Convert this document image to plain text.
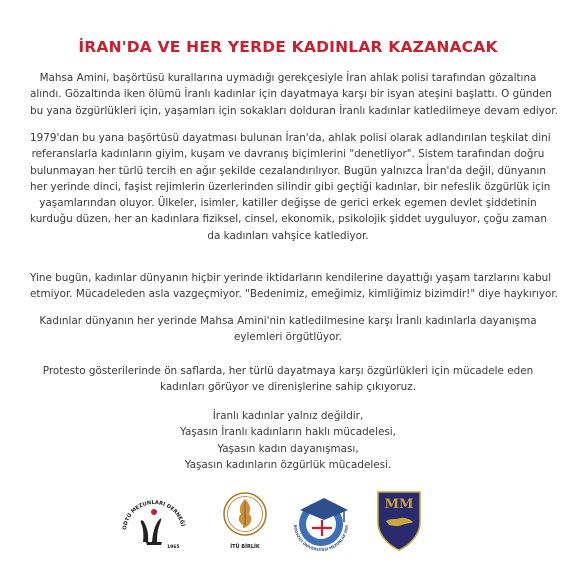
İRAN'DA VE HER YERDE KADINLAR KAZANACAK
Mahsa Amini, başörtüsü kurallarına uymadığı gerekçesiyle İran ahlak polisi tarafından gözaltına
alındı. Gözaltında iken ölümü İranlı kadınlar için dayatmaya karşı bir isyan ateşini başlattı. O günden
bu yana özgürlükleri için, yaşamları için sokakları dolduran İranlı kadınlar katledilmeye devam ediyor.
1979'dan bu yana başörtüsü dayatması bulunan İran'da, ahlak polisi olarak adlandırılan teşkilat dini
referanslarla kadınların giyim, kuşam ve davranış biçimlerini "denetliyor". Sistem tarafından doğru
bulunmayan her türlü tercih en ağır şekilde cezalandırılıyor. Bugün yalnızca İran'da değil, dünyanın
her yerinde dinci, faşist rejimlerin üzerlerinden silindir gibi geçtiği kadınlar, bir nefeslik özgürlük için
yaşamlarından oluyor. Ülkeler, isimler, katiller değişse de gerici erkek egemen devlet şiddetinin
kurduğu düzen, her an kadınlara fiziksel, cinsel, ekonomik, psikolojik şiddet uyguluyor, çoğu zaman
da kadınları vahşice katlediyor.
Yine bugün, kadınlar dünyanın hiçbir yerinde iktidarların kendilerine dayattığı yaşam tarzlarını kabul
etmiyor. Mücadeleden asla vazgeçmiyor. "Bedenimiz, emeğimiz, kimliğimiz bizimdir!" diye haykırıyor.
Kadınlar dünyanın her yerinde Mahsa Amini'nin katledilmesine karşı İranlı kadınlarla dayanışma
eylemleri örgütlüyor.
Protesto gösterilerinde ön saflarda, her türlü dayatmaya karşı özgürlükleri için mücadele eden
kadınları görüyor ve direnişlerine sahip çıkıyoruz.
İranlı kadınlar yalnız değildir,
Yaşasın İranlı kadınların haklı mücadelesi,
Yaşasın kadın dayanışması,
Yaşasın kadınların özgürlük mücadelesi.
ODTÜ MEZUNLARI DERNEĞİ
1965	İTÜ BİRLİK
BOĞAZİÇİ ÜNİVERSİTESİ MEZUNLAR DER
MM
